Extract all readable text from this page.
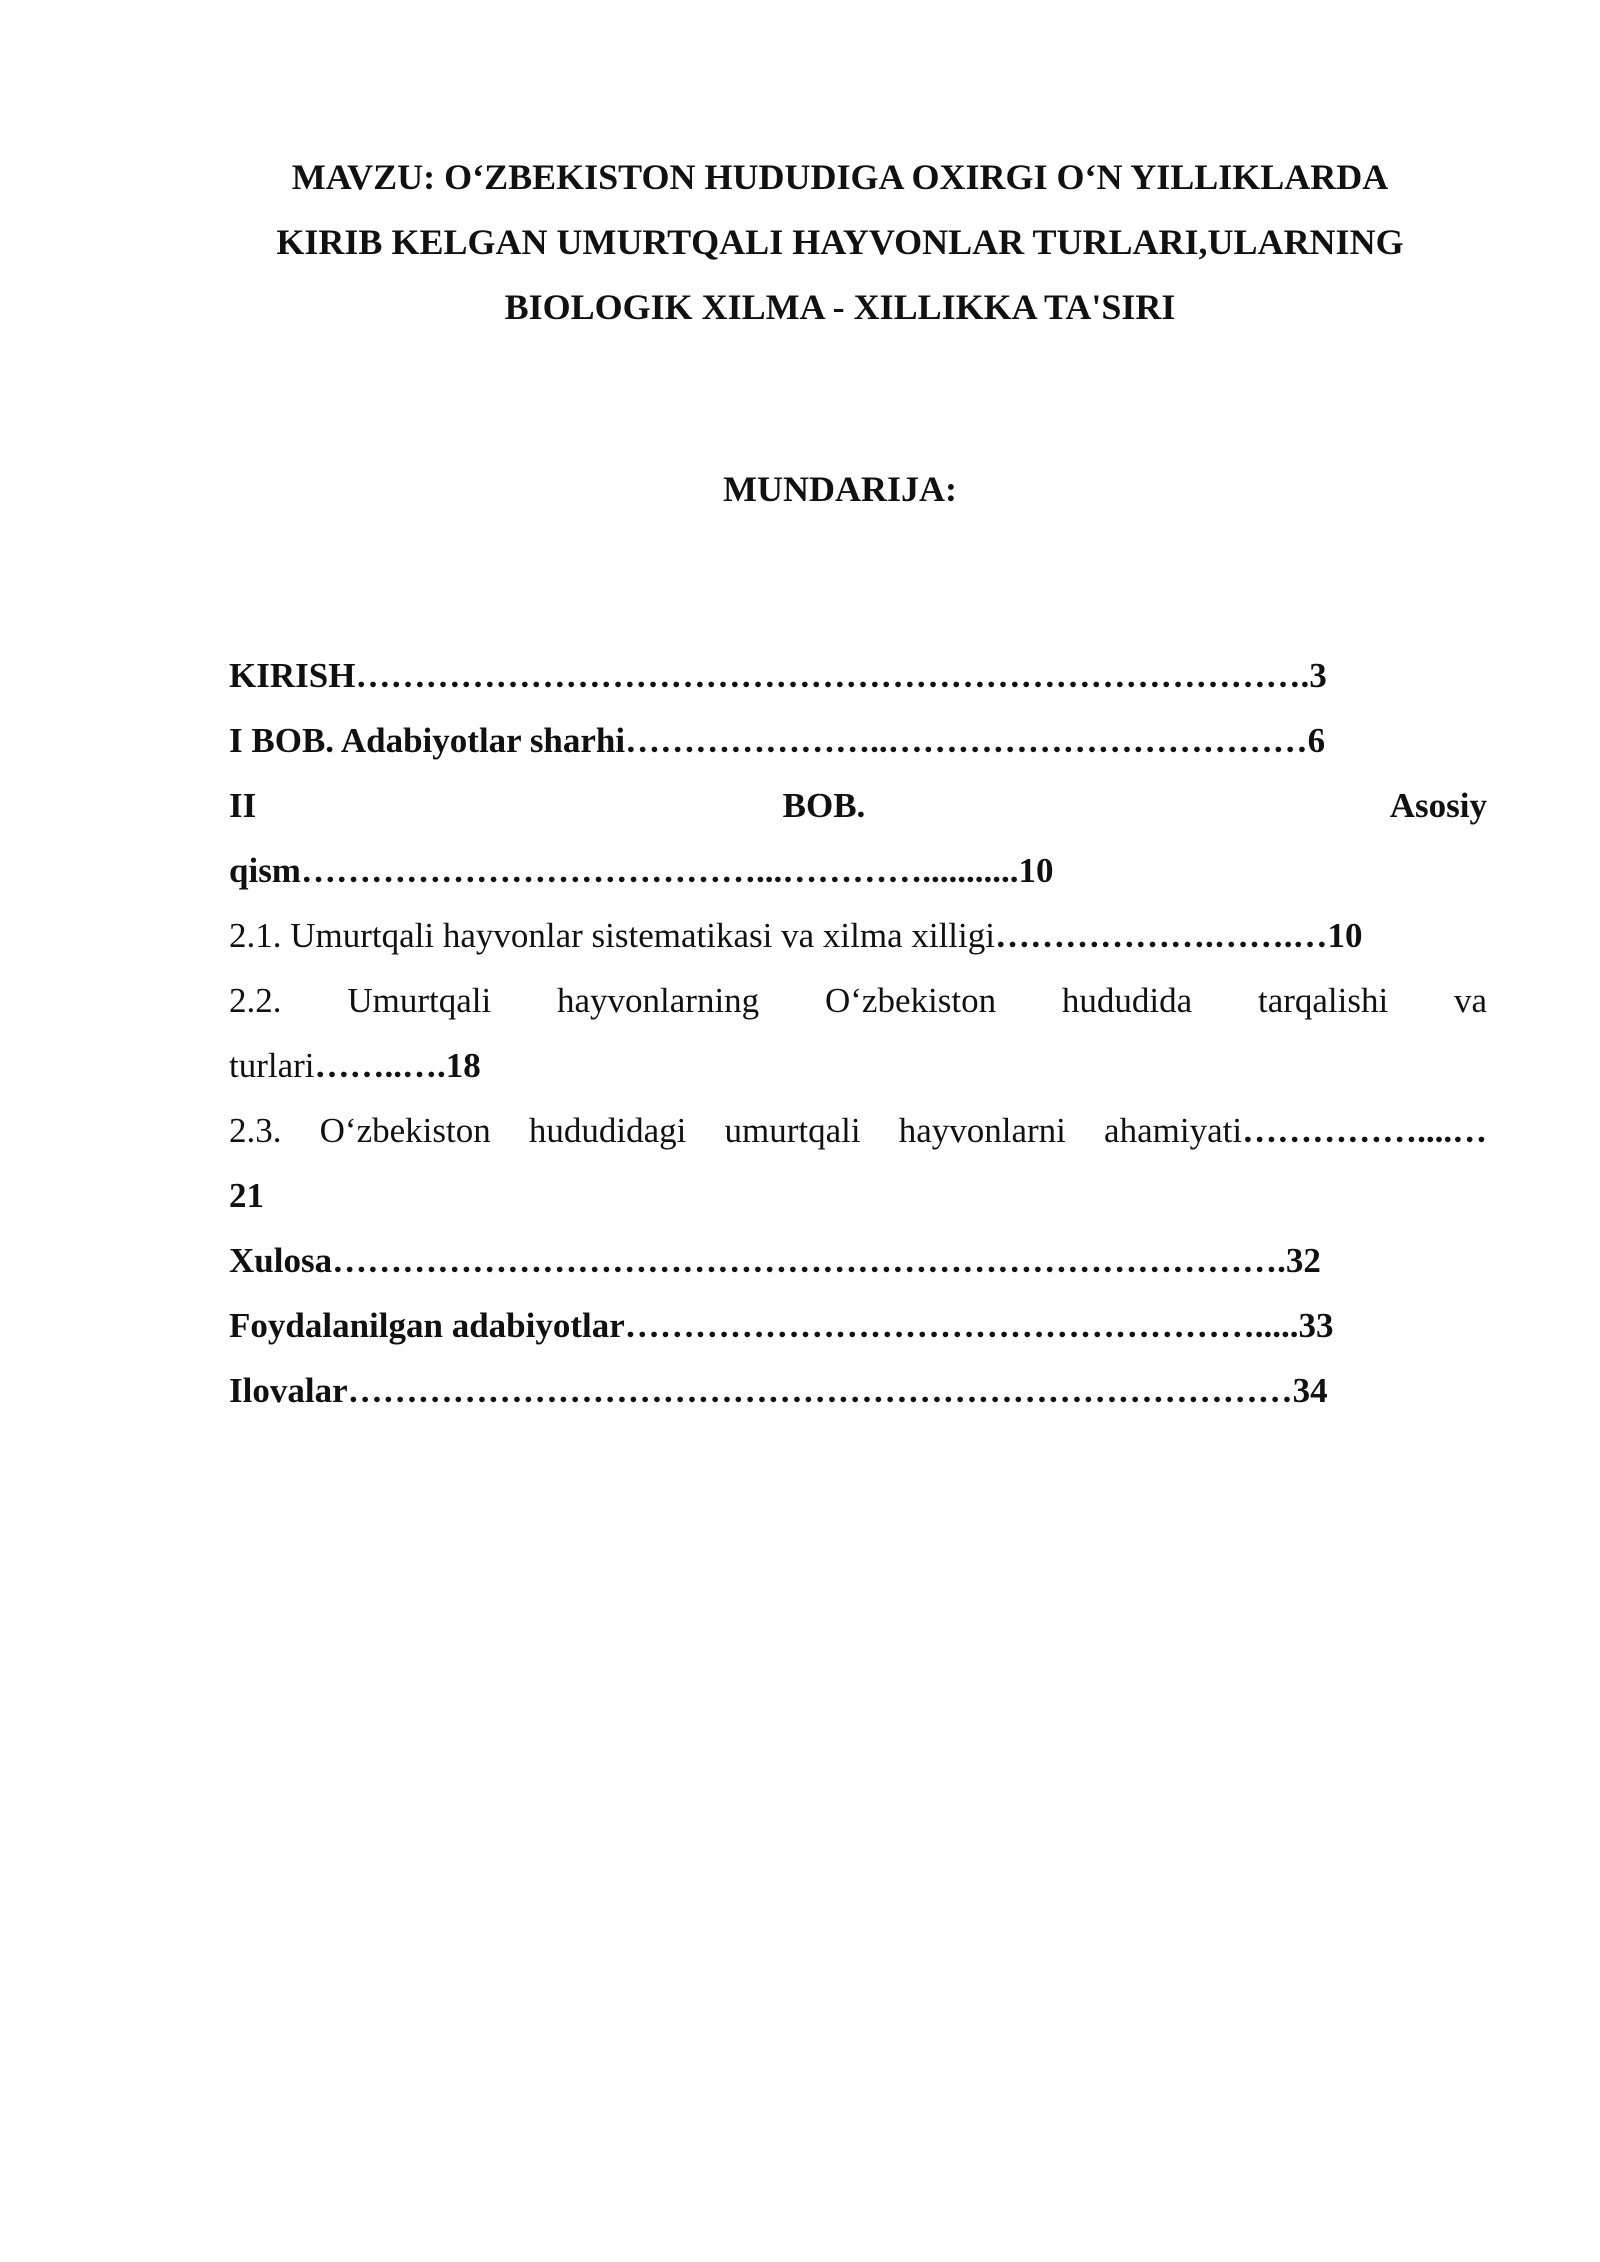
MAVZU: O‘ZBEKISTON HUDUDIGA OXIRGI O‘N YILLIKLARDA
KIRIB KELGAN UMURTQALI HAYVONLAR TURLARI,ULARNING
BIOLOGIK XILMA - XILLIKKA TA'SIRI
MUNDARIJA:
KIRISH……………………………………………………………………….3
I BOB. Adabiyotlar sharhi…………………..………………………………6
II	BOB.	Asosiy
qism…………………………………...…………...........10
2.1. Umurtqali hayvonlar sistematikasi va xilma xilligi……………….…….…10
2.2. Umurtqali hayvonlarning O‘zbekiston hududida tarqalishi va
turlari……..….18
2.3. O‘zbekiston hududidagi umurtqali hayvonlarni ahamiyati……………....…
21
Xulosa……………………………………………………………………….32
Foydalanilgan adabiyotlar……………………………………………….....33
Ilovalar………………………………………………………………………34
